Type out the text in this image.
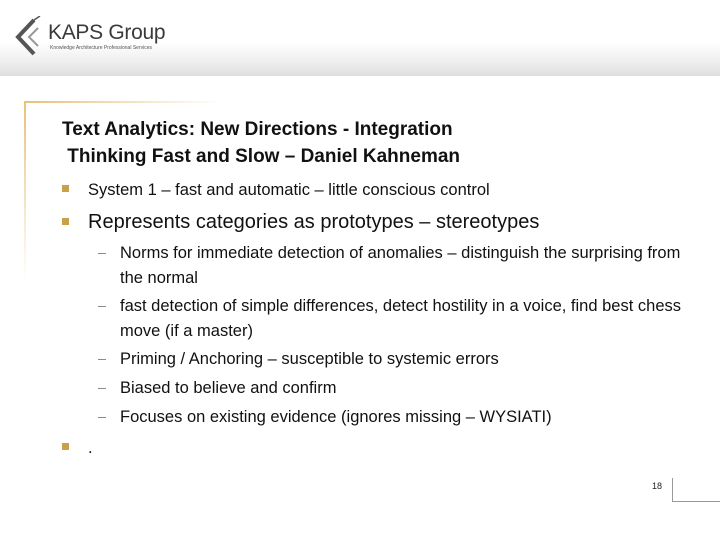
KAPS Group
Knowledge Architecture Professional Services
Text Analytics: New Directions - Integration
Thinking Fast and Slow – Daniel Kahneman
System 1 – fast and automatic – little conscious control
Represents categories as prototypes – stereotypes
Norms for immediate detection of anomalies – distinguish the surprising from the normal
fast detection of simple differences, detect hostility in a voice, find best chess move (if a master)
Priming / Anchoring – susceptible to systemic errors
Biased to believe and confirm
Focuses on existing evidence (ignores missing – WYSIATI)
.
18
